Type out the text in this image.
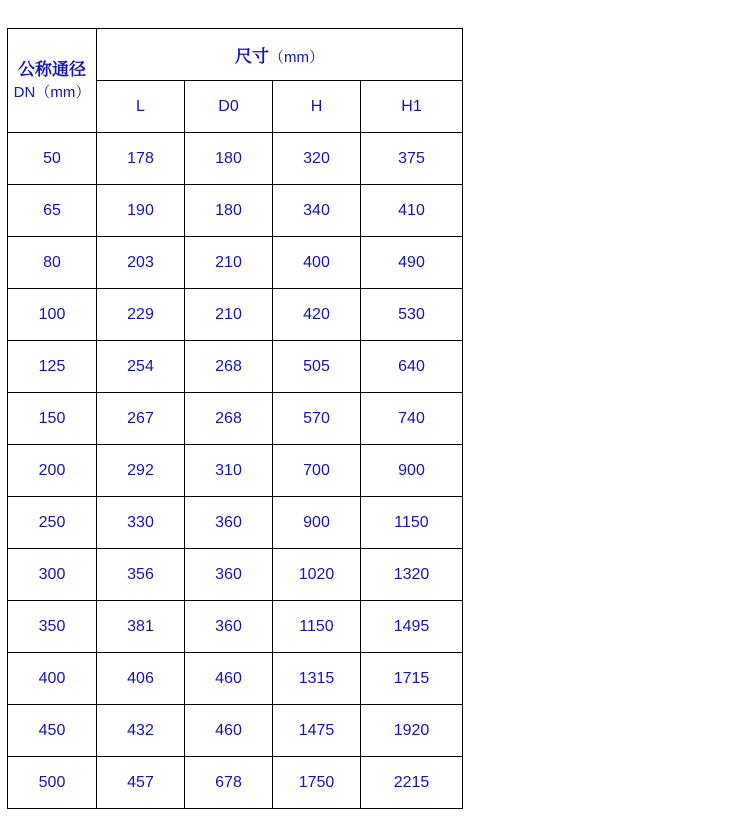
公称通径
DN（mm）	尺寸（mm）			
	L	D0	H	H1
50	178	180	320	375
65	190	180	340	410
80	203	210	400	490
100	229	210	420	530
125	254	268	505	640
150	267	268	570	740
200	292	310	700	900
250	330	360	900	1150
300	356	360	1020	1320
350	381	360	1150	1495
400	406	460	1315	1715
450	432	460	1475	1920
500	457	678	1750	2215
